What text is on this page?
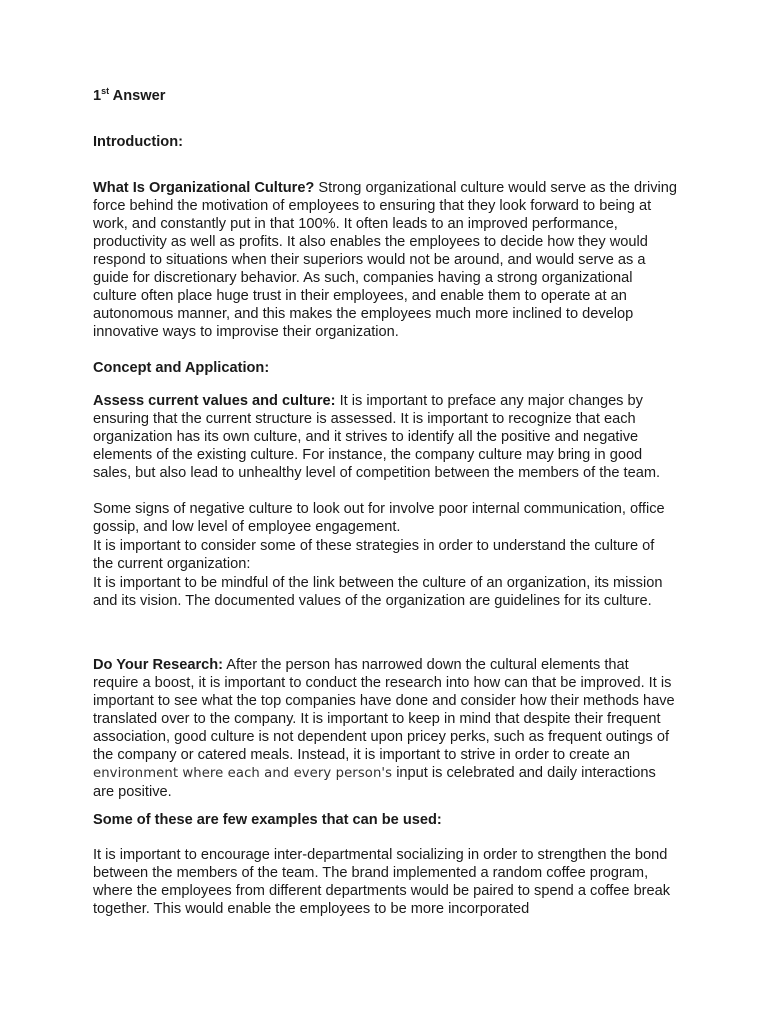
1st Answer

Introduction:

What Is Organizational Culture? Strong organizational culture would serve as the driving force behind the motivation of employees to ensuring that they look forward to being at work, and constantly put in that 100%. It often leads to an improved performance, productivity as well as profits. It also enables the employees to decide how they would respond to situations when their superiors would not be around, and would serve as a guide for discretionary behavior. As such, companies having a strong organizational culture often place huge trust in their employees, and enable them to operate at an autonomous manner, and this makes the employees much more inclined to develop innovative ways to improvise their organization.

Concept and Application:

Assess current values and culture: It is important to preface any major changes by ensuring that the current structure is assessed. It is important to recognize that each organization has its own culture, and it strives to identify all the positive and negative elements of the existing culture. For instance, the company culture may bring in good sales, but also lead to unhealthy level of competition between the members of the team.

Some signs of negative culture to look out for involve poor internal communication, office gossip, and low level of employee engagement.

It is important to consider some of these strategies in order to understand the culture of the current organization:

It is important to be mindful of the link between the culture of an organization, its mission and its vision. The documented values of the organization are guidelines for its culture.

Do Your Research: After the person has narrowed down the cultural elements that require a boost, it is important to conduct the research into how can that be improved. It is important to see what the top companies have done and consider how their methods have translated over to the company. It is important to keep in mind that despite their frequent association, good culture is not dependent upon pricey perks, such as frequent outings of the company or catered meals. Instead, it is important to strive in order to create an environment where each and every person's input is celebrated and daily interactions are positive.

Some of these are few examples that can be used:

It is important to encourage inter-departmental socializing in order to strengthen the bond between the members of the team. The brand implemented a random coffee program, where the employees from different departments would be paired to spend a coffee break together. This would enable the employees to be more incorporated
